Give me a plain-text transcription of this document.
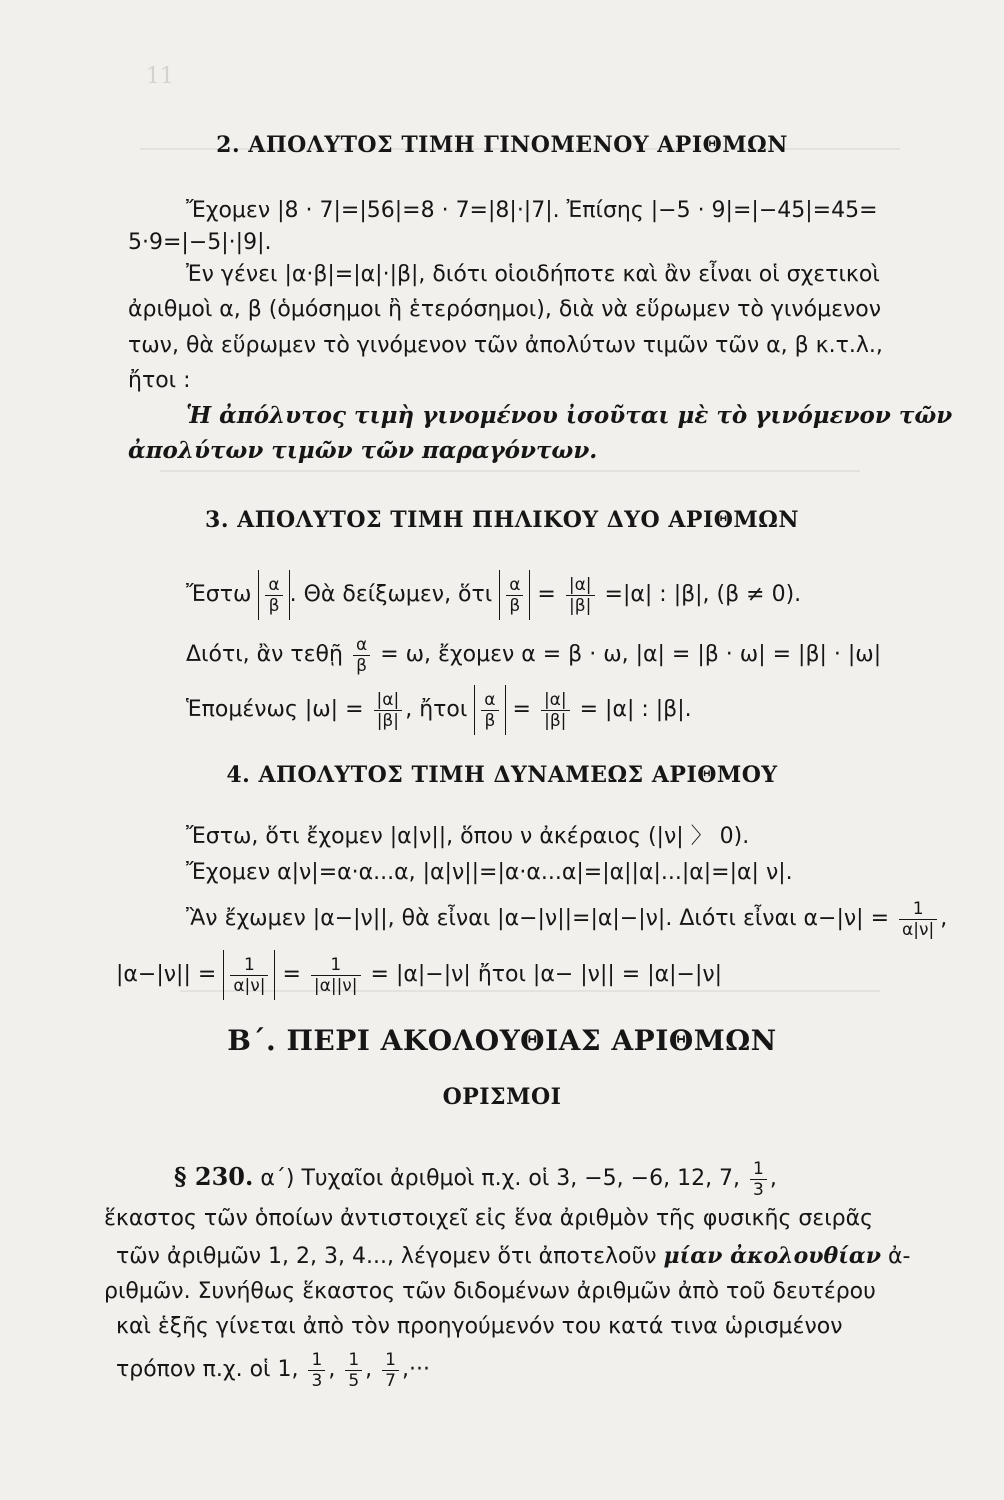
11
2. ΑΠΟΛΥΤΟΣ ΤΙΜΗ ΓΙΝΟΜΕΝΟΥ ΑΡΙΘΜΩΝ
Ἔχομεν |8 · 7|=|56|=8 · 7=|8|·|7|. Ἐπίσης |−5 · 9|=|−45|=45=
5·9=|−5|·|9|.
Ἐν γένει |α·β|=|α|·|β|, διότι οἱοιδήποτε καὶ ἂν εἶναι οἱ σχετικοὶ
ἀριθμοὶ α, β (ὁμόσημοι ἢ ἑτερόσημοι), διὰ νὰ εὕρωμεν τὸ γινόμενον
των, θὰ εὕρωμεν τὸ γινόμενον τῶν ἀπολύτων τιμῶν τῶν α, β κ.τ.λ.,
ἤτοι :
Ἡ ἀπόλυτος τιμὴ γινομένου ἰσοῦται μὲ τὸ γινόμενον τῶν
ἀπολύτων τιμῶν τῶν παραγόντων.
3. ΑΠΟΛΥΤΟΣ ΤΙΜΗ ΠΗΛΙΚΟΥ ΔΥΟ ΑΡΙΘΜΩΝ
Ἔστω $\frac{\alpha}{\beta}$ . Θὰ δείξωμεν, ὅτι $\frac{\alpha}{\beta} = \frac{|\alpha|}{|\beta|} =|\alpha|$ : |β|, (β ≠ 0).
Διότι, ἂν τεθῇ $\frac{\alpha}{\beta} = \omega$, ἔχομεν α = β · ω, |α| = |β · ω| = |β| · |ω|
Ἑπομένως $|\omega| = \frac{|\alpha|}{|\beta|}$ , ἤτοι $\frac{\alpha}{\beta} = \frac{|\alpha|}{|\beta|} = |\alpha|$ : |β|.
4. ΑΠΟΛΥΤΟΣ ΤΙΜΗ ΔΥΝΑΜΕΩΣ ΑΡΙΘΜΟΥ
Ἔστω, ὅτι ἔχομεν |α|ν||, ὅπου ν ἀκέραιος (|ν| 〉 0).
Ἔχομεν α|ν|=α·α...α, |α|ν||=|α·α...α|=|α||α|...|α|=|α| ν|.
Ἂν ἔχωμεν |α−|ν||, θὰ εἶναι |α−|ν||=|α|−|ν|. Διότι εἶναι $\alpha-|\nu| = \frac{1}{\alpha|\nu|}$ ,
$|\alpha-|\nu|| = \frac{1}{\alpha|\nu|} = \frac{1}{|\alpha||\nu|} = |\alpha|-|\nu|$ ἤτοι |α− |ν|| = |α|−|ν|
Β΄. ΠΕΡΙ ΑΚΟΛΟΥΘΙΑΣ ΑΡΙΘΜΩΝ
ΟΡΙΣΜΟΙ
§ 230. α΄) Τυχαῖοι ἀριθμοὶ π.χ. οἱ 3, −5, −6, 12, 7, $\frac{1}{3}$ ,
ἕκαστος τῶν ὁποίων ἀντιστοιχεῖ εἰς ἕνα ἀριθμὸν τῆς φυσικῆς σειρᾶς
τῶν ἀριθμῶν 1, 2, 3, 4..., λέγομεν ὅτι ἀποτελοῦν μίαν ἀκολουθίαν ἀ-
ριθμῶν. Συνήθως ἕκαστος τῶν διδομένων ἀριθμῶν ἀπὸ τοῦ δευτέρου
καὶ ἑξῆς γίνεται ἀπὸ τὸν προηγούμενόν του κατά τινα ὡρισμένον
τρόπον π.χ. οἱ 1, $\frac{1}{3}$ , $\frac{1}{5}$ , $\frac{1}{7}$ ,···
